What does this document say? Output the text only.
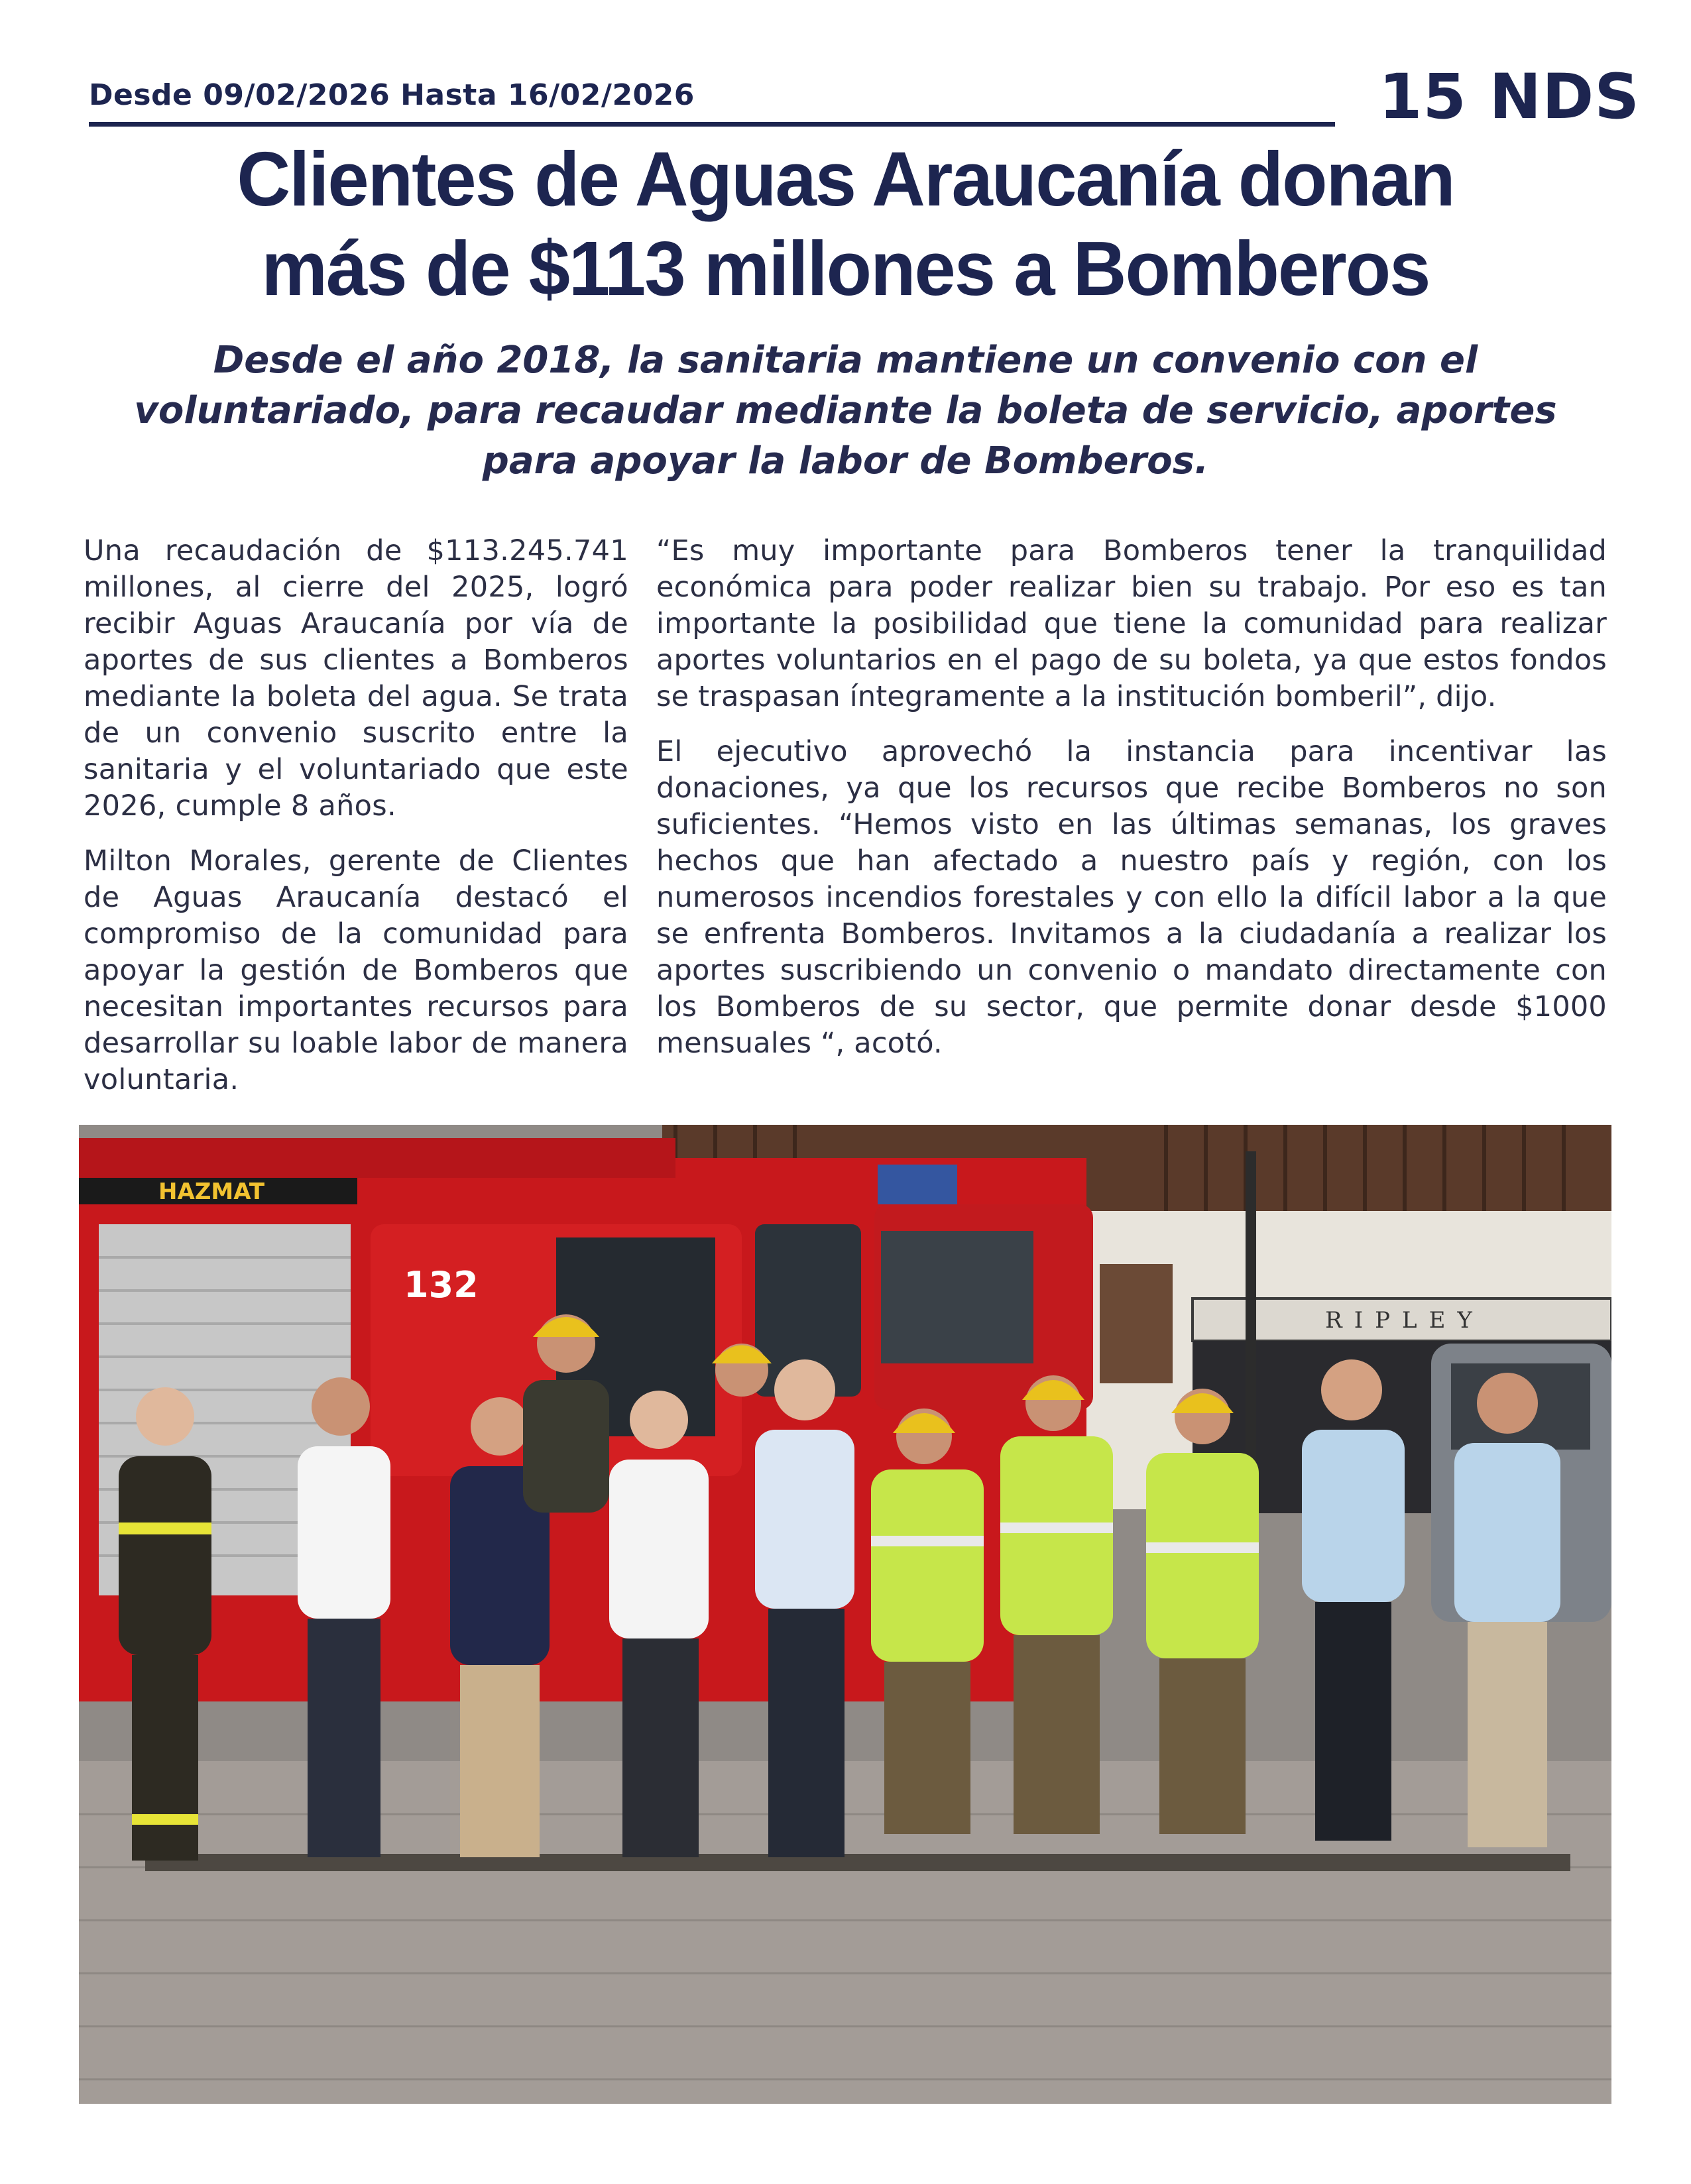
Desde 09/02/2026 Hasta 16/02/2026	15 NDS
Clientes de Aguas Araucanía donan
más de $113 millones a Bomberos
Desde el año 2018, la sanitaria mantiene un convenio con el voluntariado, para recaudar mediante la boleta de servicio, aportes para apoyar la labor de Bomberos.

Una recaudación de $113.245.741 millones, al cierre del 2025, logró recibir Aguas Araucanía por vía de aportes de sus clientes a Bomberos mediante la boleta del agua. Se trata de un convenio suscrito entre la sanitaria y el voluntariado que este 2026, cumple 8 años.

Milton Morales, gerente de Clientes de Aguas Araucanía destacó el compromiso de la comunidad para apoyar la gestión de Bomberos que necesitan importantes recursos para desarrollar su loable labor de manera voluntaria.

“Es muy importante para Bomberos tener la tranquilidad económica para poder realizar bien su trabajo. Por eso es tan importante la posibilidad que tiene la comunidad para realizar aportes voluntarios en el pago de su boleta, ya que estos fondos se traspasan íntegramente a la institución bomberil”, dijo.

El ejecutivo aprovechó la instancia para incentivar las donaciones, ya que los recursos que recibe Bomberos no son suficientes. “Hemos visto en las últimas semanas, los graves hechos que han afectado a nuestro país y región, con los numerosos incendios forestales y con ello la difícil labor a la que se enfrenta Bomberos. Invitamos a la ciudadanía a realizar los aportes suscribiendo un convenio o mandato directamente con los Bomberos de su sector, que permite donar desde $1000 mensuales “, acotó.

RIPLEY
HAZMAT
132
